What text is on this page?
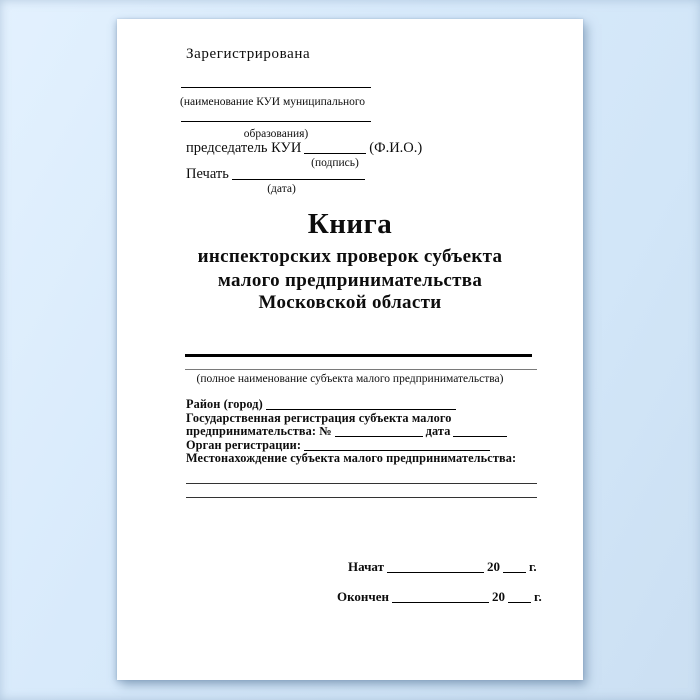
Зарегистрирована
(наименование КУИ муниципального
образования)
председатель КУИ	(Ф.И.О.)
(подпись)
Печать
(дата)
Книга
инспекторских проверок субъекта
малого предпринимательства
Московской области
(полное наименование субъекта малого предпринимательства)
Район (город)
Государственная регистрация субъекта малого
предпринимательства: №	дата
Орган регистрации:
Местонахождение субъекта малого предпринимательства:
Начат	20 г.
Окончен	20 г.
